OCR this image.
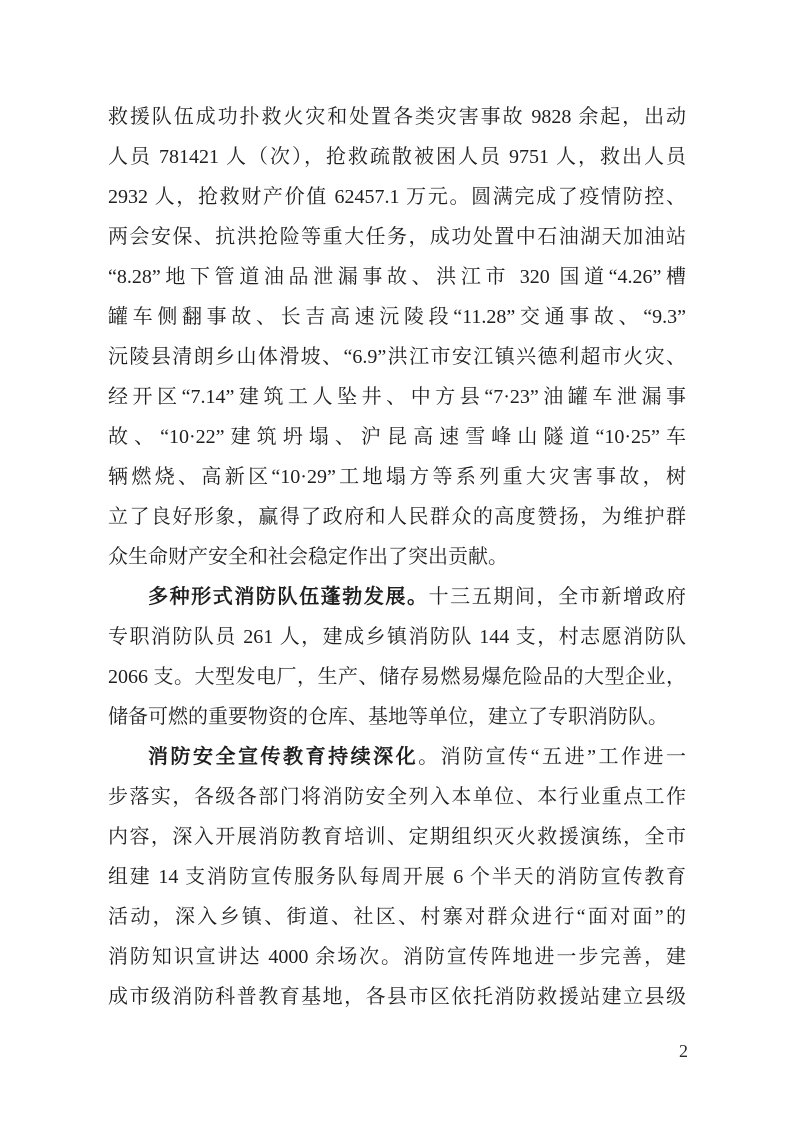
救援队伍成功扑救火灾和处置各类灾害事故 9828 余起，出动
人员 781421 人（次），抢救疏散被困人员 9751 人，救出人员
2932 人，抢救财产价值 62457.1 万元。圆满完成了疫情防控、
两会安保、抗洪抢险等重大任务，成功处置中石油湖天加油站
“8.28”地下管道油品泄漏事故、洪江市 320 国道“4.26”槽
罐车侧翻事故、长吉高速沅陵段“11.28”交通事故、“9.3”
沅陵县清朗乡山体滑坡、“6.9”洪江市安江镇兴德利超市火灾、
经开区“7.14”建筑工人坠井、中方县“7·23”油罐车泄漏事
故、“10·22”建筑坍塌、沪昆高速雪峰山隧道“10·25”车
辆燃烧、高新区“10·29”工地塌方等系列重大灾害事故，树
立了良好形象，赢得了政府和人民群众的高度赞扬，为维护群
众生命财产安全和社会稳定作出了突出贡献。
多种形式消防队伍蓬勃发展。十三五期间，全市新增政府
专职消防队员 261 人，建成乡镇消防队 144 支，村志愿消防队
2066 支。大型发电厂，生产、储存易燃易爆危险品的大型企业，
储备可燃的重要物资的仓库、基地等单位，建立了专职消防队。
消防安全宣传教育持续深化。消防宣传“五进”工作进一
步落实，各级各部门将消防安全列入本单位、本行业重点工作
内容，深入开展消防教育培训、定期组织灭火救援演练，全市
组建 14 支消防宣传服务队每周开展 6 个半天的消防宣传教育
活动，深入乡镇、街道、社区、村寨对群众进行“面对面”的
消防知识宣讲达 4000 余场次。消防宣传阵地进一步完善，建
成市级消防科普教育基地，各县市区依托消防救援站建立县级
2
